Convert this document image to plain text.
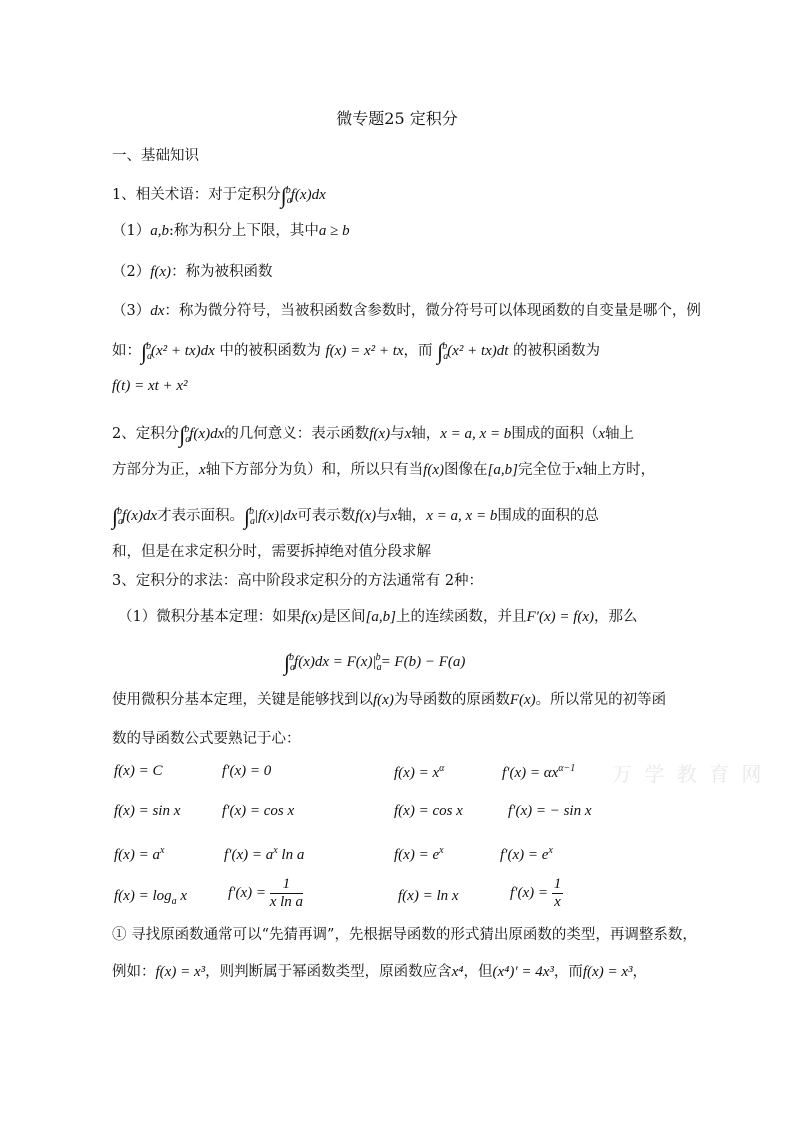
微专题25 定积分
一、基础知识
1、相关术语：对于定积分$\int_a^bf(x)dx$
（1）a,b:称为积分上下限，其中a ≥ b
（2）f(x)：称为被积函数
（3）dx：称为微分符号，当被积函数含参数时，微分符号可以体现函数的自变量是哪个，例
如：$\int_a^b(x^2 + tx)dx$ 中的被积函数为 f(x) = x² + tx，而 $\int_a^b(x^2 + tx)dt$ 的被积函数为
f(t) = xt + x²
2、定积分$\int_a^bf(x)dx$的几何意义：表示函数f(x)与x轴，x = a, x = b围成的面积（x轴上
方部分为正，x轴下方部分为负）和，所以只有当f(x)图像在[a,b]完全位于x轴上方时，
$\int_a^bf(x)dx$才表示面积。$\int_a^b|f(x)|dx$可表示数f(x)与x轴，x = a, x = b围成的面积的总
和，但是在求定积分时，需要拆掉绝对值分段求解
3、定积分的求法：高中阶段求定积分的方法通常有 2种：
（1）微积分基本定理：如果f(x)是区间[a,b]上的连续函数，并且F′(x) = f(x)，那么
$\int_a^bf(x)dx = F(x)|_a^b= F(b) - F(a)$
使用微积分基本定理，关键是能够找到以f(x)为导函数的原函数F(x)。所以常见的初等函
数的导函数公式要熟记于心：
f(x) = C	f′(x) = 0	$f(x) = x^\alpha$	$f'(x) = \alpha x^{\alpha-1}$
f(x) = sin x	f′(x) = cos x	f(x) = cos x	f′(x) = − sin x
$f(x) = a^x$	$f'(x) = a^x$ ln a	$f(x) = e^x$	$f'(x) = e^x$
$f(x) = \log_a x$	$f'(x) = \frac{1}{\text{x ln a}}$	f(x) = ln x	$f'(x) = \frac{1}{x}$
① 寻找原函数通常可以“先猜再调”，先根据导函数的形式猜出原函数的类型，再调整系数，
例如：f(x) = x³，则判断属于幂函数类型，原函数应含x⁴，但(x⁴)′ = 4x³，而f(x) = x³，
万 学 教 育 网
